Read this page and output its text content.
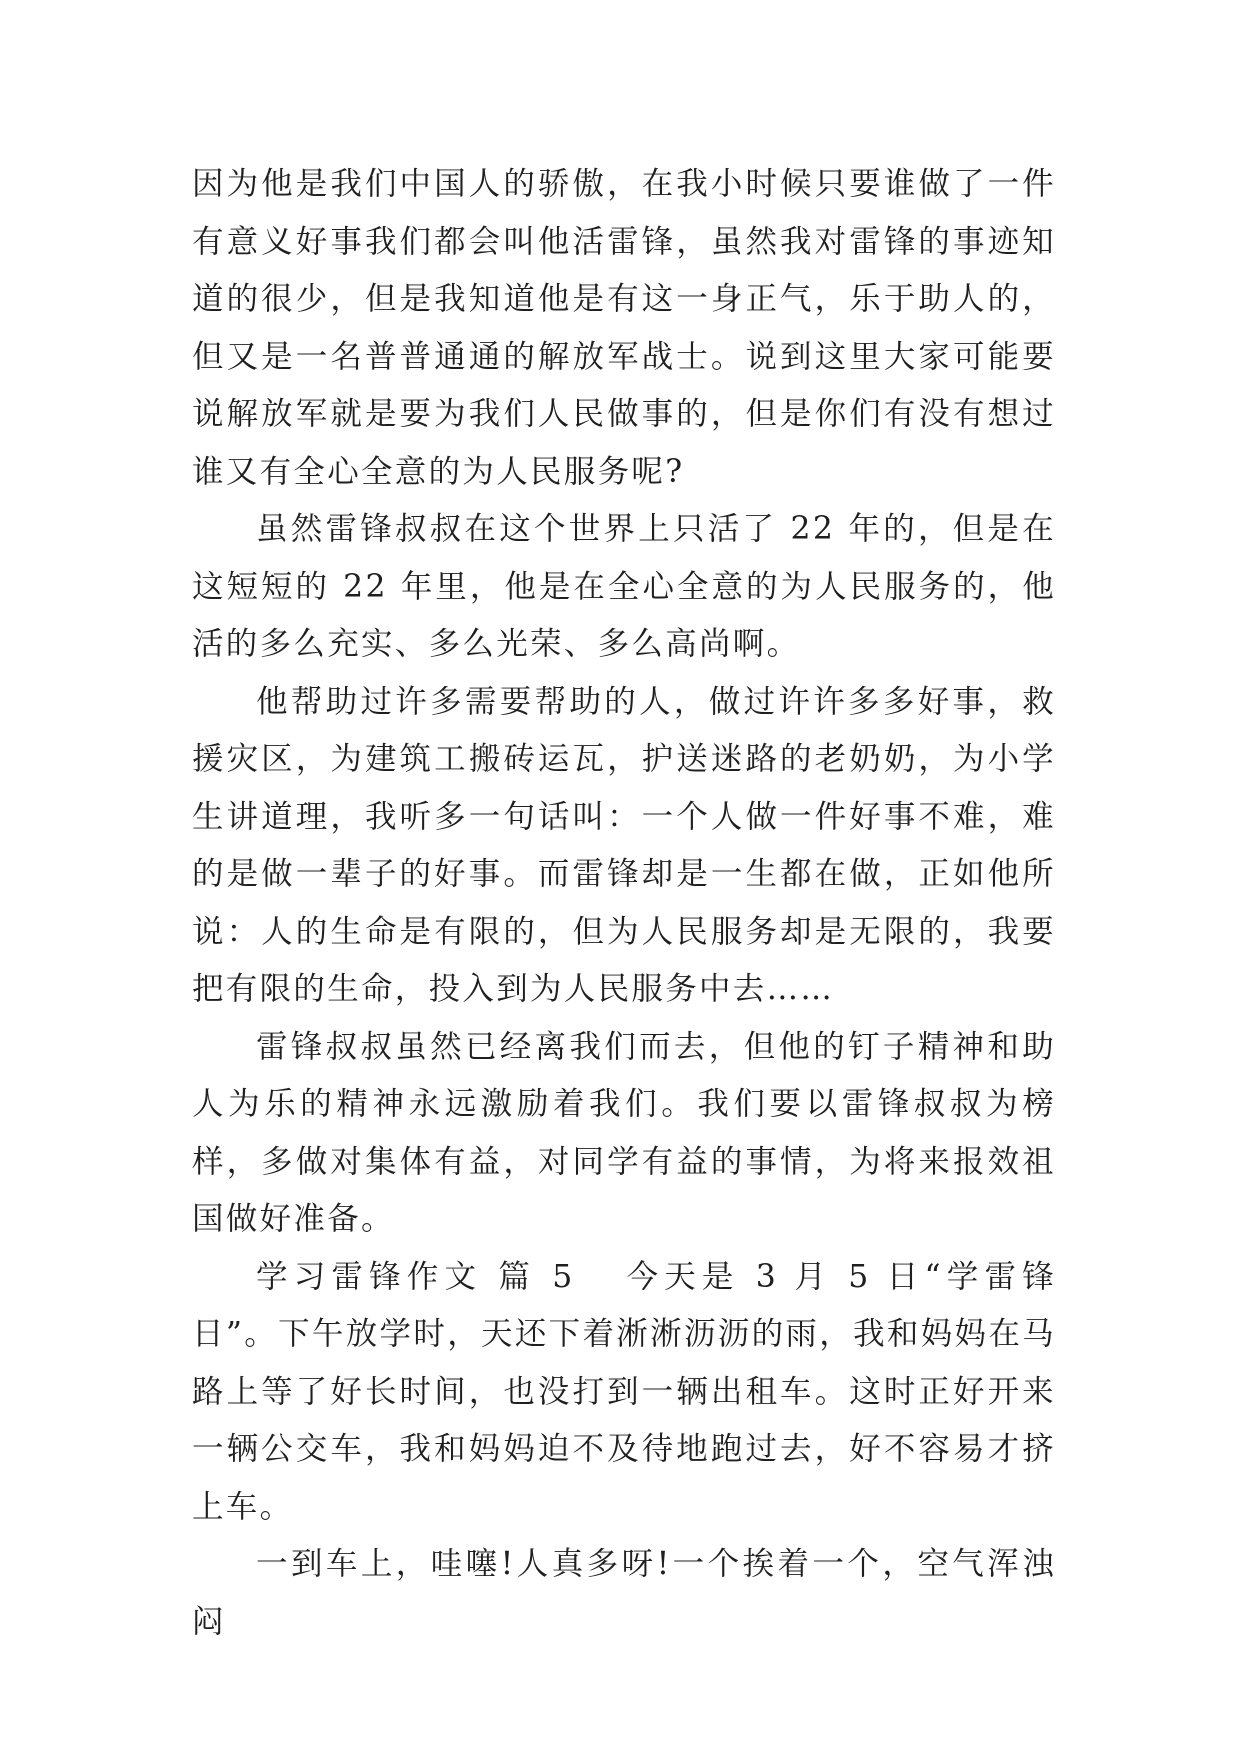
因为他是我们中国人的骄傲，在我小时候只要谁做了一件有意义好事我们都会叫他活雷锋，虽然我对雷锋的事迹知道的很少，但是我知道他是有这一身正气，乐于助人的，但又是一名普普通通的解放军战士。说到这里大家可能要说解放军就是要为我们人民做事的，但是你们有没有想过谁又有全心全意的为人民服务呢?

虽然雷锋叔叔在这个世界上只活了 22 年的，但是在这短短的 22 年里，他是在全心全意的为人民服务的，他活的多么充实、多么光荣、多么高尚啊。

他帮助过许多需要帮助的人，做过许许多多好事，救援灾区，为建筑工搬砖运瓦，护送迷路的老奶奶，为小学生讲道理，我听多一句话叫：一个人做一件好事不难，难的是做一辈子的好事。而雷锋却是一生都在做，正如他所说：人的生命是有限的，但为人民服务却是无限的，我要把有限的生命，投入到为人民服务中去……

雷锋叔叔虽然已经离我们而去，但他的钉子精神和助人为乐的精神永远激励着我们。我们要以雷锋叔叔为榜样，多做对集体有益，对同学有益的事情，为将来报效祖国做好准备。

学习雷锋作文 篇 5 今天是 3 月 5 日“学雷锋日”。下午放学时，天还下着淅淅沥沥的雨，我和妈妈在马路上等了好长时间，也没打到一辆出租车。这时正好开来一辆公交车，我和妈妈迫不及待地跑过去，好不容易才挤上车。

一到车上，哇噻!人真多呀!一个挨着一个，空气浑浊闷
